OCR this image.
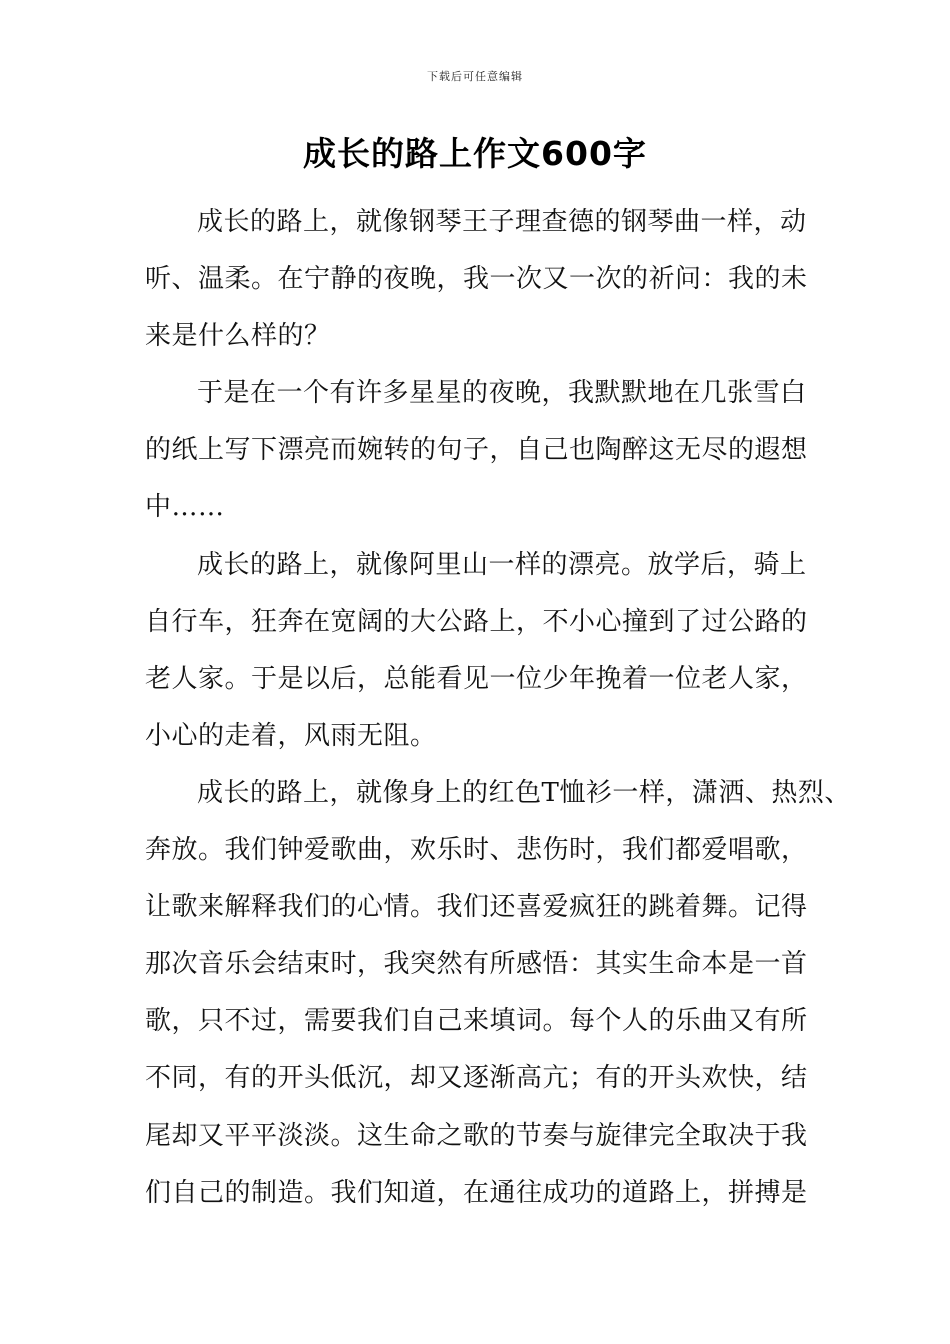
下载后可任意编辑
成长的路上作文600字
成长的路上，就像钢琴王子理查德的钢琴曲一样，动
听、温柔。在宁静的夜晚，我一次又一次的祈问：我的未
来是什么样的？
于是在一个有许多星星的夜晚，我默默地在几张雪白
的纸上写下漂亮而婉转的句子，自己也陶醉这无尽的遐想
中……
成长的路上，就像阿里山一样的漂亮。放学后，骑上
自行车，狂奔在宽阔的大公路上，不小心撞到了过公路的
老人家。于是以后，总能看见一位少年挽着一位老人家，
小心的走着，风雨无阻。
成长的路上，就像身上的红色T恤衫一样，潇洒、热烈、
奔放。我们钟爱歌曲，欢乐时、悲伤时，我们都爱唱歌，
让歌来解释我们的心情。我们还喜爱疯狂的跳着舞。记得
那次音乐会结束时，我突然有所感悟：其实生命本是一首
歌，只不过，需要我们自己来填词。每个人的乐曲又有所
不同，有的开头低沉，却又逐渐高亢；有的开头欢快，结
尾却又平平淡淡。这生命之歌的节奏与旋律完全取决于我
们自己的制造。我们知道，在通往成功的道路上，拼搏是
